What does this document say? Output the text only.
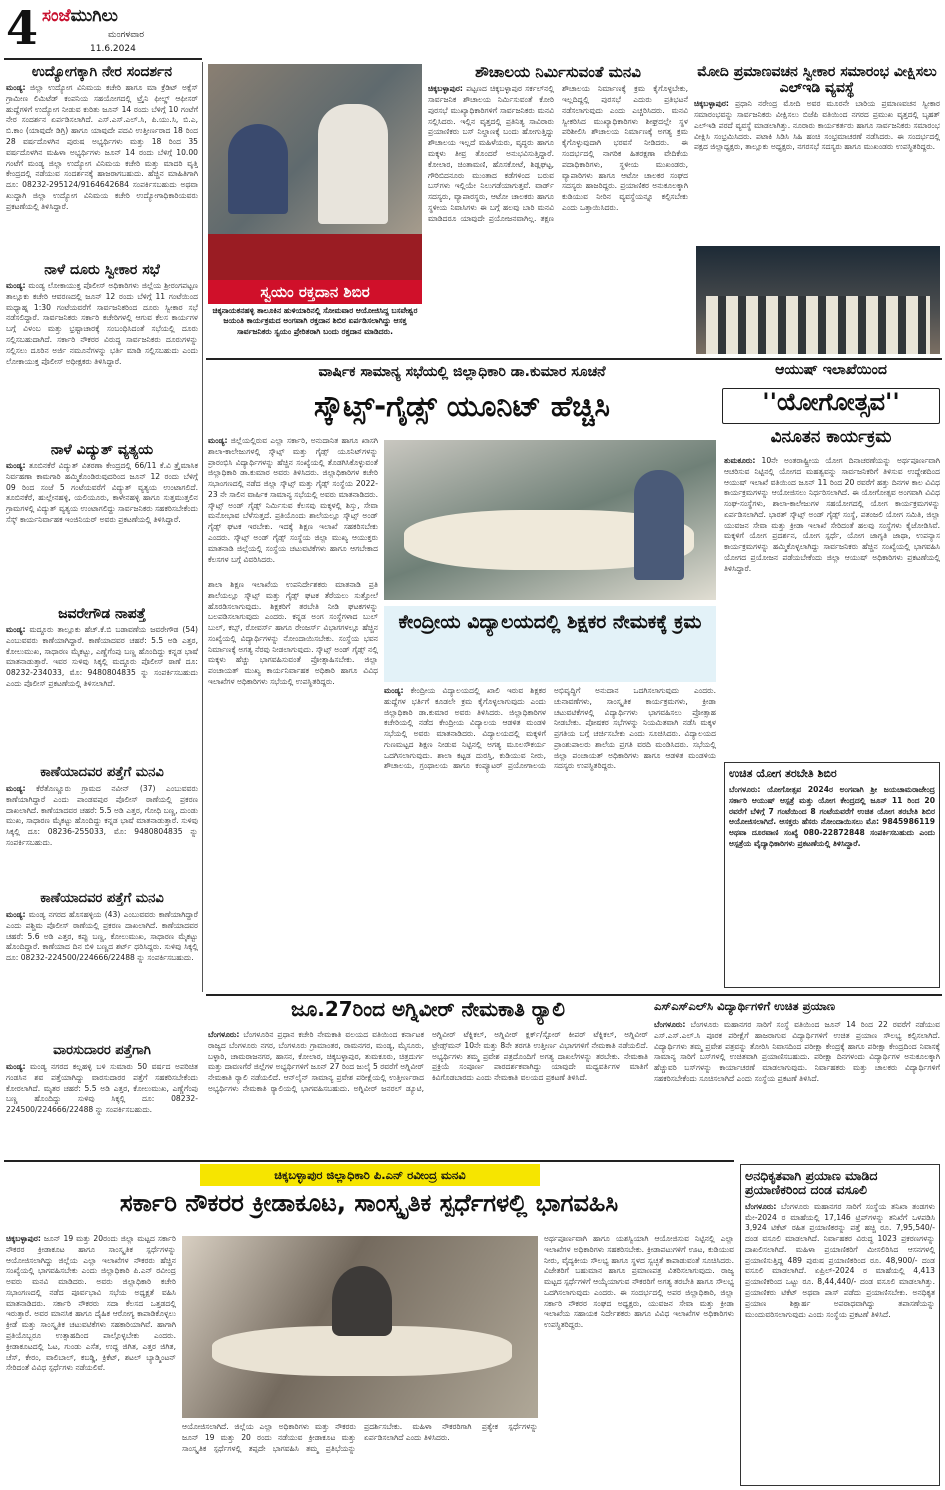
4 ಸಂಜೆಮುಗಿಲು
ಮಂಗಳವಾರ
11.6.2024
ಉದ್ಯೋಗಕ್ಕಾಗಿ ನೇರ ಸಂದರ್ಶನ
ಮಂಡ್ಯ: ಜಿಲ್ಲಾ ಉದ್ಯೋಗ ವಿನಿಮಯ ಕಚೇರಿ ಹಾಗೂ ಮಾ ಕ್ರೆಡಿಟ್ ಅಕ್ಸೆಸ್ ಗ್ರಾಮೀಣ ಲಿಮಿಟೆಡ್ ಕಂಪನಿಯ ಸಹಯೋಗದಲ್ಲಿ ಟ್ರೈನಿ ಫೀಲ್ಡ್ ಆಫೀಸರ್ ಹುದ್ದೆಗಳಿಗೆ ಉದ್ಯೋಗ ನೀಡುವ ಕುರಿತು ಜೂನ್ 14 ರಂದು ಬೆಳಿಗ್ಗೆ 10 ಗಂಟೆಗೆ ನೇರ ಸಂದರ್ಶನ ಏರ್ಪಡಿಸಲಾಗಿದೆ. ಎಸ್.ಎಸ್.ಎಲ್.ಸಿ, ಪಿ.ಯು.ಸಿ, ಬಿ.ಎ, ಬಿ.ಕಾಂ (ಯಾವುದೇ ಡಿಗ್ರಿ) ಹಾಗೂ ಯಾವುದೇ ಪದವಿ ಉತ್ತೀರ್ಣರಾದ 18 ರಿಂದ 28 ವರ್ಷದೊಳಗಿನ ಪುರುಷ ಅಭ್ಯರ್ಥಿಗಳು ಮತ್ತು 18 ರಿಂದ 35 ವರ್ಷದೊಳಗಿನ ಮಹಿಳಾ ಅಭ್ಯರ್ಥಿಗಳು ಜೂನ್ 14 ರಂದು ಬೆಳಿಗ್ಗೆ 10.00 ಗಂಟೆಗೆ ಮಂಡ್ಯ ಜಿಲ್ಲಾ ಉದ್ಯೋಗ ವಿನಿಮಯ ಕಚೇರಿ ಮತ್ತು ಮಾದರಿ ವೃತ್ತಿ ಕೇಂದ್ರದಲ್ಲಿ ನಡೆಯುವ ಸಂದರ್ಶನಕ್ಕೆ ಹಾಜರಾಗಬಹುದು. ಹೆಚ್ಚಿನ ಮಾಹಿತಿಗಾಗಿ ದೂ: 08232-295124/9164642684 ಸಂಪರ್ಕಿಸಬಹುದು ಅಥವಾ ಖುದ್ದಾಗಿ ಜಿಲ್ಲಾ ಉದ್ಯೋಗ ವಿನಿಮಯ ಕಚೇರಿ ಉದ್ಯೋಗಾಧಿಕಾರಿಯವರು ಪ್ರಕಟಣೆಯಲ್ಲಿ ತಿಳಿಸಿದ್ದಾರೆ.
ನಾಳೆ ದೂರು ಸ್ವೀಕಾರ ಸಭೆ
ಮಂಡ್ಯ: ಮಂಡ್ಯ ಲೋಕಾಯುಕ್ತ ಪೊಲೀಸ್ ಅಧಿಕಾರಿಗಳು ಜಿಲ್ಲೆಯ ಶ್ರೀರಂಗಪಟ್ಟಣ ತಾಲ್ಲೂಕು ಕಚೇರಿ ಆವರಣದಲ್ಲಿ ಜೂನ್ 12 ರಂದು ಬೆಳಿಗ್ಗೆ 11 ಗಂಟೆಯಿಂದ ಮಧ್ಯಾಹ್ನ 1:30 ಗಂಟೆಯವರೆಗೆ ಸಾರ್ವಜನಿಕರಿಂದ ದೂರು ಸ್ವೀಕಾರ ಸಭೆ ನಡೆಸಲಿದ್ದಾರೆ. ಸಾರ್ವಜನಿಕರು ಸರ್ಕಾರಿ ಕಚೇರಿಗಳಲ್ಲಿ ಆಗುವ ಕೆಲಸ ಕಾರ್ಯಗಳ ಬಗ್ಗೆ ವಿಳಂಬ ಮತ್ತು ಭ್ರಷ್ಟಾಚಾರಕ್ಕೆ ಸಂಬಂಧಿಸಿದಂತೆ ಸಭೆಯಲ್ಲಿ ದೂರು ಸಲ್ಲಿಸಬಹುದಾಗಿದೆ. ಸರ್ಕಾರಿ ನೌಕರರ ವಿರುದ್ಧ ಸಾರ್ವಜನಿಕರು ದೂರುಗಳನ್ನು ಸಲ್ಲಿಸಲು ದೂರಿನ ಅರ್ಜಿ ನಮೂನೆಗಳನ್ನು ಭರ್ತಿ ಮಾಡಿ ಸಲ್ಲಿಸಬಹುದು ಎಂದು ಲೋಕಾಯುಕ್ತ ಪೊಲೀಸ್ ಅಧೀಕ್ಷಕರು ತಿಳಿಸಿದ್ದಾರೆ.
ನಾಳೆ ವಿದ್ಯುತ್ ವ್ಯತ್ಯಯ
ಮಂಡ್ಯ: ತೂಬಿನಕೆರೆ ವಿದ್ಯುತ್ ವಿತರಣಾ ಕೇಂದ್ರದಲ್ಲಿ 66/11 ಕೆ.ವಿ ತ್ರೈಮಾಸಿಕ ನಿರ್ವಹಣಾ ಕಾಮಗಾರಿ ಹಮ್ಮಿಕೊಂಡಿರುವುದರಿಂದ ಜೂನ್ 12 ರಂದು ಬೆಳಿಗ್ಗೆ 09 ರಿಂದ ಸಂಜೆ 5 ಗಂಟೆಯವರೆಗೆ ವಿದ್ಯುತ್ ವ್ಯತ್ಯಯ ಉಂಟಾಗಲಿದೆ. ತೂಬಿನಕೆರೆ, ಹುಲ್ಲೇನಹಳ್ಳಿ, ಯಲಿಯೂರು, ಕಾಳೇನಹಳ್ಳಿ ಹಾಗೂ ಸುತ್ತಮುತ್ತಲಿನ ಗ್ರಾಮಗಳಲ್ಲಿ ವಿದ್ಯುತ್ ವ್ಯತ್ಯಯ ಉಂಟಾಗಲಿದ್ದು ಸಾರ್ವಜನಿಕರು ಸಹಕರಿಸಬೇಕೆಂದು ಸೆಸ್ಕ್ ಕಾರ್ಯನಿರ್ವಾಹಕ ಇಂಜಿನಿಯರ್ ಅವರು ಪ್ರಕಟಣೆಯಲ್ಲಿ ತಿಳಿಸಿದ್ದಾರೆ.
ಜವರೇಗೌಡ ನಾಪತ್ತೆ
ಮಂಡ್ಯ: ಮದ್ದೂರು ತಾಲ್ಲೂಕು ಹೆಚ್.ಕೆ.ಬಿ ಬಡಾವಣೆಯ ಜವರೇಗೌಡ (54) ಎಂಬುವವರು ಕಾಣೆಯಾಗಿದ್ದಾರೆ. ಕಾಣೆಯಾದವರ ಚಹರೆ: 5.5 ಅಡಿ ಎತ್ತರ, ಕೋಲುಮುಖ, ಸಾಧಾರಣ ಮೈಕಟ್ಟು, ಎಣ್ಣೆಗೆಂಪು ಬಣ್ಣ ಹೊಂದಿದ್ದು ಕನ್ನಡ ಭಾಷೆ ಮಾತನಾಡುತ್ತಾರೆ. ಇವರ ಸುಳಿವು ಸಿಕ್ಕಲ್ಲಿ ಮದ್ದೂರು ಪೊಲೀಸ್ ಠಾಣೆ ದೂ: 08232-234033, ಮೊ: 9480804835 ನ್ನು ಸಂಪರ್ಕಿಸಬಹುದು ಎಂದು ಪೊಲೀಸ್ ಪ್ರಕಟಣೆಯಲ್ಲಿ ತಿಳಿಸಲಾಗಿದೆ.
ಕಾಣೆಯಾದವರ ಪತ್ತೆಗೆ ಮನವಿ
ಮಂಡ್ಯ: ಕೆರೆತೊಣ್ಣೂರು ಗ್ರಾಮದ ನವೀನ್ (37) ಎಂಬುವವರು ಕಾಣೆಯಾಗಿದ್ದಾರೆ ಎಂದು ಪಾಂಡವಪುರ ಪೊಲೀಸ್ ಠಾಣೆಯಲ್ಲಿ ಪ್ರಕರಣ ದಾಖಲಾಗಿದೆ. ಕಾಣೆಯಾದವರ ಚಹರೆ: 5.5 ಅಡಿ ಎತ್ತರ, ಗೋಧಿ ಬಣ್ಣ, ದುಂಡು ಮುಖ, ಸಾಧಾರಣ ಮೈಕಟ್ಟು ಹೊಂದಿದ್ದು ಕನ್ನಡ ಭಾಷೆ ಮಾತನಾಡುತ್ತಾರೆ. ಸುಳಿವು ಸಿಕ್ಕಲ್ಲಿ ದೂ: 08236-255033, ಮೊ: 9480804835 ನ್ನು ಸಂಪರ್ಕಿಸಬಹುದು.
ಕಾಣೆಯಾದವರ ಪತ್ತೆಗೆ ಮನವಿ
ಮಂಡ್ಯ: ಮಂಡ್ಯ ನಗರದ ಹೊಸಹಳ್ಳಿಯ (43) ಎಂಬುವವರು ಕಾಣೆಯಾಗಿದ್ದಾರೆ ಎಂದು ಪಶ್ಚಿಮ ಪೊಲೀಸ್ ಠಾಣೆಯಲ್ಲಿ ಪ್ರಕರಣ ದಾಖಲಾಗಿದೆ. ಕಾಣೆಯಾದವರ ಚಹರೆ: 5.6 ಅಡಿ ಎತ್ತರ, ಕಪ್ಪು ಬಣ್ಣ, ಕೋಲುಮುಖ, ಸಾಧಾರಣ ಮೈಕಟ್ಟು ಹೊಂದಿದ್ದಾರೆ. ಕಾಣೆಯಾದ ದಿನ ಬಿಳಿ ಬಣ್ಣದ ಶರ್ಟ್ ಧರಿಸಿದ್ದರು. ಸುಳಿವು ಸಿಕ್ಕಲ್ಲಿ ದೂ: 08232-224500/224666/22488 ನ್ನು ಸಂಪರ್ಕಿಸಬಹುದು.
ವಾರಸುದಾರರ ಪತ್ತೆಗಾಗಿ
ಮಂಡ್ಯ: ಮಂಡ್ಯ ನಗರದ ಕಲ್ಲಹಳ್ಳಿ ಬಳಿ ಸುಮಾರು 50 ವರ್ಷದ ಅಪರಿಚಿತ ಗಂಡಸಿನ ಶವ ಪತ್ತೆಯಾಗಿದ್ದು ವಾರಸುದಾರರ ಪತ್ತೆಗೆ ಸಹಕರಿಸಬೇಕೆಂದು ಕೋರಲಾಗಿದೆ. ಮೃತರ ಚಹರೆ: 5.5 ಅಡಿ ಎತ್ತರ, ಕೋಲುಮುಖ, ಎಣ್ಣೆಗೆಂಪು ಬಣ್ಣ ಹೊಂದಿದ್ದು ಸುಳಿವು ಸಿಕ್ಕಲ್ಲಿ ದೂ: 08232-224500/224666/22488 ನ್ನು ಸಂಪರ್ಕಿಸಬಹುದು.
ಸ್ವಯಂ ರಕ್ತದಾನ ಶಿಬಿರ
ಚಿಕ್ಕನಾಯಕನಹಳ್ಳಿ ತಾಲೂಕಿನ ಹುಳಿಯಾರಿನಲ್ಲಿ ಸೋಮವಾರ ಆಯೋಜಿಸಿದ್ದ ಬಸವೇಶ್ವರ ಜಯಂತಿ ಕಾರ್ಯಕ್ರಮದ ಅಂಗವಾಗಿ ರಕ್ತದಾನ ಶಿಬಿರ ಏರ್ಪಡಿಸಲಾಗಿದ್ದು ಆಸಕ್ತ ಸಾರ್ವಜನಿಕರು ಸ್ವಯಂ ಪ್ರೇರಿತರಾಗಿ ಬಂದು ರಕ್ತದಾನ ಮಾಡಿದರು.
ಶೌಚಾಲಯ ನಿರ್ಮಿಸುವಂತೆ ಮನವಿ
ಚಿಕ್ಕಬಳ್ಳಾಪುರ: ಪಟ್ಟಣದ ಚಿಕ್ಕಬಳ್ಳಾಪುರ ಸರ್ಕಲ್‌ನಲ್ಲಿ ಸಾರ್ವಜನಿಕ ಶೌಚಾಲಯ ನಿರ್ಮಿಸುವಂತೆ ಕೋರಿ ಪುರಸಭೆ ಮುಖ್ಯಾಧಿಕಾರಿಗಳಿಗೆ ಸಾರ್ವಜನಿಕರು ಮನವಿ ಸಲ್ಲಿಸಿದರು. ಇಲ್ಲಿನ ವೃತ್ತದಲ್ಲಿ ಪ್ರತಿನಿತ್ಯ ಸಾವಿರಾರು ಪ್ರಯಾಣಿಕರು ಬಸ್ ನಿಲ್ದಾಣಕ್ಕೆ ಬಂದು ಹೋಗುತ್ತಿದ್ದು ಶೌಚಾಲಯ ಇಲ್ಲದೆ ಮಹಿಳೆಯರು, ವೃದ್ಧರು ಹಾಗೂ ಮಕ್ಕಳು ತೀವ್ರ ತೊಂದರೆ ಅನುಭವಿಸುತ್ತಿದ್ದಾರೆ. ಕೋಲಾರ, ಚಿಂತಾಮಣಿ, ಹೊಸಕೋಟೆ, ಶಿಡ್ಲಘಟ್ಟ, ಗೌರಿಬಿದನೂರು ಮುಂತಾದ ಕಡೆಗಳಿಂದ ಬರುವ ಬಸ್‌ಗಳು ಇಲ್ಲಿಯೇ ನಿಲುಗಡೆಯಾಗುತ್ತವೆ. ವಾರ್ಡ್ ಸದಸ್ಯರು, ವ್ಯಾಪಾರಸ್ಥರು, ಆಟೋ ಚಾಲಕರು ಹಾಗೂ ಸ್ಥಳೀಯ ನಿವಾಸಿಗಳು ಈ ಬಗ್ಗೆ ಹಲವು ಬಾರಿ ಮನವಿ ಮಾಡಿದರೂ ಯಾವುದೇ ಪ್ರಯೋಜನವಾಗಿಲ್ಲ. ತಕ್ಷಣ ಶೌಚಾಲಯ ನಿರ್ಮಾಣಕ್ಕೆ ಕ್ರಮ ಕೈಗೊಳ್ಳಬೇಕು, ಇಲ್ಲದಿದ್ದಲ್ಲಿ ಪುರಸಭೆ ಎದುರು ಪ್ರತಿಭಟನೆ ನಡೆಸಲಾಗುವುದು ಎಂದು ಎಚ್ಚರಿಸಿದರು. ಮನವಿ ಸ್ವೀಕರಿಸಿದ ಮುಖ್ಯಾಧಿಕಾರಿಗಳು ಶೀಘ್ರದಲ್ಲೇ ಸ್ಥಳ ಪರಿಶೀಲಿಸಿ ಶೌಚಾಲಯ ನಿರ್ಮಾಣಕ್ಕೆ ಅಗತ್ಯ ಕ್ರಮ ಕೈಗೊಳ್ಳುವುದಾಗಿ ಭರವಸೆ ನೀಡಿದರು. ಈ ಸಂದರ್ಭದಲ್ಲಿ ನಾಗರಿಕ ಹಿತರಕ್ಷಣಾ ವೇದಿಕೆಯ ಪದಾಧಿಕಾರಿಗಳು, ಸ್ಥಳೀಯ ಮುಖಂಡರು, ವ್ಯಾಪಾರಿಗಳು ಹಾಗೂ ಆಟೋ ಚಾಲಕರ ಸಂಘದ ಸದಸ್ಯರು ಹಾಜರಿದ್ದರು. ಪ್ರಯಾಣಿಕರ ಅನುಕೂಲಕ್ಕಾಗಿ ಕುಡಿಯುವ ನೀರಿನ ವ್ಯವಸ್ಥೆಯನ್ನೂ ಕಲ್ಪಿಸಬೇಕು ಎಂದು ಒತ್ತಾಯಿಸಿದರು.
ಮೋದಿ ಪ್ರಮಾಣವಚನ ಸ್ವೀಕಾರ ಸಮಾರಂಭ ವೀಕ್ಷಿಸಲು ಎಲ್‌ಇಡಿ ವ್ಯವಸ್ಥೆ
ಚಿಕ್ಕಬಳ್ಳಾಪುರ: ಪ್ರಧಾನಿ ನರೇಂದ್ರ ಮೋದಿ ಅವರ ಮೂರನೇ ಬಾರಿಯ ಪ್ರಮಾಣವಚನ ಸ್ವೀಕಾರ ಸಮಾರಂಭವನ್ನು ಸಾರ್ವಜನಿಕರು ವೀಕ್ಷಿಸಲು ಬಿಜೆಪಿ ವತಿಯಿಂದ ನಗರದ ಪ್ರಮುಖ ವೃತ್ತದಲ್ಲಿ ಬೃಹತ್ ಎಲ್‌ಇಡಿ ಪರದೆ ವ್ಯವಸ್ಥೆ ಮಾಡಲಾಗಿತ್ತು. ನೂರಾರು ಕಾರ್ಯಕರ್ತರು ಹಾಗೂ ಸಾರ್ವಜನಿಕರು ಸಮಾರಂಭ ವೀಕ್ಷಿಸಿ ಸಂಭ್ರಮಿಸಿದರು. ಪಟಾಕಿ ಸಿಡಿಸಿ ಸಿಹಿ ಹಂಚಿ ಸಂಭ್ರಮಾಚರಣೆ ನಡೆಸಿದರು. ಈ ಸಂದರ್ಭದಲ್ಲಿ ಪಕ್ಷದ ಜಿಲ್ಲಾಧ್ಯಕ್ಷರು, ತಾಲ್ಲೂಕು ಅಧ್ಯಕ್ಷರು, ನಗರಸಭೆ ಸದಸ್ಯರು ಹಾಗೂ ಮುಖಂಡರು ಉಪಸ್ಥಿತರಿದ್ದರು.
ವಾರ್ಷಿಕ ಸಾಮಾನ್ಯ ಸಭೆಯಲ್ಲಿ ಜಿಲ್ಲಾಧಿಕಾರಿ ಡಾ.ಕುಮಾರ ಸೂಚನೆ
ಸ್ಕೌಟ್ಸ್-ಗೈಡ್ಸ್ ಯೂನಿಟ್ ಹೆಚ್ಚಿಸಿ
ಮಂಡ್ಯ: ಜಿಲ್ಲೆಯಲ್ಲಿರುವ ಎಲ್ಲಾ ಸರ್ಕಾರಿ, ಅನುದಾನಿತ ಹಾಗೂ ಖಾಸಗಿ ಶಾಲಾ-ಕಾಲೇಜುಗಳಲ್ಲಿ ಸ್ಕೌಟ್ಸ್ ಮತ್ತು ಗೈಡ್ಸ್ ಯೂನಿಟ್‌ಗಳನ್ನು ಪ್ರಾರಂಭಿಸಿ ವಿದ್ಯಾರ್ಥಿಗಳನ್ನು ಹೆಚ್ಚಿನ ಸಂಖ್ಯೆಯಲ್ಲಿ ತೊಡಗಿಸಿಕೊಳ್ಳುವಂತೆ ಜಿಲ್ಲಾಧಿಕಾರಿ ಡಾ.ಕುಮಾರ ಅವರು ತಿಳಿಸಿದರು. ಜಿಲ್ಲಾಧಿಕಾರಿಗಳ ಕಚೇರಿ ಸಭಾಂಗಣದಲ್ಲಿ ನಡೆದ ಜಿಲ್ಲಾ ಸ್ಕೌಟ್ಸ್ ಮತ್ತು ಗೈಡ್ಸ್ ಸಂಸ್ಥೆಯ 2022-23 ನೇ ಸಾಲಿನ ವಾರ್ಷಿಕ ಸಾಮಾನ್ಯ ಸಭೆಯಲ್ಲಿ ಅವರು ಮಾತನಾಡಿದರು. ಸ್ಕೌಟ್ಸ್ ಅಂಡ್ ಗೈಡ್ಸ್ ನಿರ್ಮಿಸುವ ಕೆಲಸವು ಮಕ್ಕಳಲ್ಲಿ ಶಿಸ್ತು, ಸೇವಾ ಮನೋಭಾವ ಬೆಳೆಸುತ್ತದೆ. ಪ್ರತಿಯೊಂದು ಶಾಲೆಯಲ್ಲೂ ಸ್ಕೌಟ್ಸ್ ಅಂಡ್ ಗೈಡ್ಸ್ ಘಟಕ ಇರಬೇಕು. ಇದಕ್ಕೆ ಶಿಕ್ಷಣ ಇಲಾಖೆ ಸಹಕರಿಸಬೇಕು ಎಂದರು. ಸ್ಕೌಟ್ಸ್ ಅಂಡ್ ಗೈಡ್ಸ್ ಸಂಸ್ಥೆಯ ಜಿಲ್ಲಾ ಮುಖ್ಯ ಆಯುಕ್ತರು ಮಾತನಾಡಿ ಜಿಲ್ಲೆಯಲ್ಲಿ ಸಂಸ್ಥೆಯ ಚಟುವಟಿಕೆಗಳು ಹಾಗೂ ಆಗಬೇಕಾದ ಕೆಲಸಗಳ ಬಗ್ಗೆ ವಿವರಿಸಿದರು.
ಶಾಲಾ ಶಿಕ್ಷಣ ಇಲಾಖೆಯ ಉಪನಿರ್ದೇಶಕರು ಮಾತನಾಡಿ ಪ್ರತಿ ಶಾಲೆಯಲ್ಲೂ ಸ್ಕೌಟ್ಸ್ ಮತ್ತು ಗೈಡ್ಸ್ ಘಟಕ ತೆರೆಯಲು ಸುತ್ತೋಲೆ ಹೊರಡಿಸಲಾಗುವುದು. ಶಿಕ್ಷಕರಿಗೆ ತರಬೇತಿ ನೀಡಿ ಘಟಕಗಳನ್ನು ಬಲಪಡಿಸಲಾಗುವುದು ಎಂದರು. ಕನ್ನಡ ಅಂಗ ಸಂಸ್ಥೆಗಳಾದ ಬುಲ್ ಬುಲ್, ಕಬ್ಸ್, ರೋವರ್ಸ್ ಹಾಗೂ ರೇಂಜರ್ಸ್ ವಿಭಾಗಗಳಲ್ಲೂ ಹೆಚ್ಚಿನ ಸಂಖ್ಯೆಯಲ್ಲಿ ವಿದ್ಯಾರ್ಥಿಗಳನ್ನು ನೋಂದಾಯಿಸಬೇಕು. ಸಂಸ್ಥೆಯ ಭವನ ನಿರ್ಮಾಣಕ್ಕೆ ಅಗತ್ಯ ನೆರವು ನೀಡಲಾಗುವುದು. ಸ್ಕೌಟ್ಸ್ ಅಂಡ್ ಗೈಡ್ಸ್ ನಲ್ಲಿ ಮಕ್ಕಳು ಹೆಚ್ಚು ಭಾಗವಹಿಸುವಂತೆ ಪ್ರೋತ್ಸಾಹಿಸಬೇಕು. ಜಿಲ್ಲಾ ಪಂಚಾಯತ್ ಮುಖ್ಯ ಕಾರ್ಯನಿರ್ವಾಹಕ ಅಧಿಕಾರಿ ಹಾಗೂ ವಿವಿಧ ಇಲಾಖೆಗಳ ಅಧಿಕಾರಿಗಳು ಸಭೆಯಲ್ಲಿ ಉಪಸ್ಥಿತರಿದ್ದರು.
ಕೇಂದ್ರೀಯ ವಿದ್ಯಾಲಯದಲ್ಲಿ ಶಿಕ್ಷಕರ ನೇಮಕಕ್ಕೆ ಕ್ರಮ
ಮಂಡ್ಯ: ಕೇಂದ್ರೀಯ ವಿದ್ಯಾಲಯದಲ್ಲಿ ಖಾಲಿ ಇರುವ ಶಿಕ್ಷಕರ ಹುದ್ದೆಗಳ ಭರ್ತಿಗೆ ಕೂಡಲೇ ಕ್ರಮ ಕೈಗೊಳ್ಳಲಾಗುವುದು ಎಂದು ಜಿಲ್ಲಾಧಿಕಾರಿ ಡಾ.ಕುಮಾರ ಅವರು ತಿಳಿಸಿದರು. ಜಿಲ್ಲಾಧಿಕಾರಿಗಳ ಕಚೇರಿಯಲ್ಲಿ ನಡೆದ ಕೇಂದ್ರೀಯ ವಿದ್ಯಾಲಯ ಆಡಳಿತ ಮಂಡಳಿ ಸಭೆಯಲ್ಲಿ ಅವರು ಮಾತನಾಡಿದರು. ವಿದ್ಯಾಲಯದಲ್ಲಿ ಮಕ್ಕಳಿಗೆ ಗುಣಮಟ್ಟದ ಶಿಕ್ಷಣ ನೀಡುವ ನಿಟ್ಟಿನಲ್ಲಿ ಅಗತ್ಯ ಮೂಲಸೌಕರ್ಯ ಒದಗಿಸಲಾಗುವುದು. ಶಾಲಾ ಕಟ್ಟಡ ದುರಸ್ತಿ, ಕುಡಿಯುವ ನೀರು, ಶೌಚಾಲಯ, ಗ್ರಂಥಾಲಯ ಹಾಗೂ ಕಂಪ್ಯೂಟರ್ ಪ್ರಯೋಗಾಲಯ ಅಭಿವೃದ್ಧಿಗೆ ಅನುದಾನ ಒದಗಿಸಲಾಗುವುದು ಎಂದರು. ಚುನಾವಣೆಗಳು, ಸಾಂಸ್ಕೃತಿಕ ಕಾರ್ಯಕ್ರಮಗಳು, ಕ್ರೀಡಾ ಚಟುವಟಿಕೆಗಳಲ್ಲಿ ವಿದ್ಯಾರ್ಥಿಗಳು ಭಾಗವಹಿಸಲು ಪ್ರೋತ್ಸಾಹ ನೀಡಬೇಕು. ಪೋಷಕರ ಸಭೆಗಳನ್ನು ನಿಯಮಿತವಾಗಿ ನಡೆಸಿ ಮಕ್ಕಳ ಪ್ರಗತಿಯ ಬಗ್ಗೆ ಚರ್ಚಿಸಬೇಕು ಎಂದು ಸೂಚಿಸಿದರು. ವಿದ್ಯಾಲಯದ ಪ್ರಾಂಶುಪಾಲರು ಶಾಲೆಯ ಪ್ರಗತಿ ವರದಿ ಮಂಡಿಸಿದರು. ಸಭೆಯಲ್ಲಿ ಜಿಲ್ಲಾ ಪಂಚಾಯತ್ ಅಧಿಕಾರಿಗಳು ಹಾಗೂ ಆಡಳಿತ ಮಂಡಳಿಯ ಸದಸ್ಯರು ಉಪಸ್ಥಿತರಿದ್ದರು.
ಆಯುಷ್ ಇಲಾಖೆಯಿಂದ
''ಯೋಗೋತ್ಸವ''
ವಿನೂತನ ಕಾರ್ಯಕ್ರಮ
ತುಮಕೂರು: 10ನೇ ಅಂತರಾಷ್ಟ್ರೀಯ ಯೋಗ ದಿನಾಚರಣೆಯನ್ನು ಅರ್ಥಪೂರ್ಣವಾಗಿ ಆಚರಿಸುವ ನಿಟ್ಟಿನಲ್ಲಿ ಯೋಗದ ಮಹತ್ವವನ್ನು ಸಾರ್ವಜನಿಕರಿಗೆ ತಿಳಿಸುವ ಉದ್ದೇಶದಿಂದ ಆಯುಷ್ ಇಲಾಖೆ ವತಿಯಿಂದ ಜೂನ್ 11 ರಿಂದ 20 ರವರೆಗೆ ಹತ್ತು ದಿನಗಳ ಕಾಲ ವಿವಿಧ ಕಾರ್ಯಕ್ರಮಗಳನ್ನು ಆಯೋಜಿಸಲು ನಿರ್ಧರಿಸಲಾಗಿದೆ. ಈ ಯೋಗೋತ್ಸವ ಅಂಗವಾಗಿ ವಿವಿಧ ಸಂಘ-ಸಂಸ್ಥೆಗಳು, ಶಾಲಾ-ಕಾಲೇಜುಗಳ ಸಹಯೋಗದಲ್ಲಿ ಯೋಗ ಕಾರ್ಯಕ್ರಮಗಳನ್ನು ಏರ್ಪಡಿಸಲಾಗಿದೆ. ಭಾರತ್ ಸ್ಕೌಟ್ಸ್ ಅಂಡ್ ಗೈಡ್ಸ್ ಸಂಸ್ಥೆ, ಪತಂಜಲಿ ಯೋಗ ಸಮಿತಿ, ಜಿಲ್ಲಾ ಯುವಜನ ಸೇವಾ ಮತ್ತು ಕ್ರೀಡಾ ಇಲಾಖೆ ಸೇರಿದಂತೆ ಹಲವು ಸಂಸ್ಥೆಗಳು ಕೈಜೋಡಿಸಿವೆ. ಮಕ್ಕಳಿಗೆ ಯೋಗ ಪ್ರದರ್ಶನ, ಯೋಗ ಸ್ಪರ್ಧೆ, ಯೋಗ ಜಾಗೃತಿ ಜಾಥಾ, ಉಪನ್ಯಾಸ ಕಾರ್ಯಕ್ರಮಗಳನ್ನು ಹಮ್ಮಿಕೊಳ್ಳಲಾಗಿದ್ದು ಸಾರ್ವಜನಿಕರು ಹೆಚ್ಚಿನ ಸಂಖ್ಯೆಯಲ್ಲಿ ಭಾಗವಹಿಸಿ ಯೋಗದ ಪ್ರಯೋಜನ ಪಡೆಯಬೇಕೆಂದು ಜಿಲ್ಲಾ ಆಯುಷ್ ಅಧಿಕಾರಿಗಳು ಪ್ರಕಟಣೆಯಲ್ಲಿ ತಿಳಿಸಿದ್ದಾರೆ.
ಉಚಿತ ಯೋಗ ತರಬೇತಿ ಶಿಬಿರ
ಬೆಂಗಳೂರು: ಯೋಗೋತ್ಸವ 2024ರ ಅಂಗವಾಗಿ ಶ್ರೀ ಜಯಚಾಮರಾಜೇಂದ್ರ ಸರ್ಕಾರಿ ಆಯುಷ್ ಆಸ್ಪತ್ರೆ ಮತ್ತು ಯೋಗ ಕೇಂದ್ರದಲ್ಲಿ ಜೂನ್ 11 ರಿಂದ 20 ರವರೆಗೆ ಬೆಳಿಗ್ಗೆ 7 ಗಂಟೆಯಿಂದ 8 ಗಂಟೆಯವರೆಗೆ ಉಚಿತ ಯೋಗ ತರಬೇತಿ ಶಿಬಿರ ಆಯೋಜಿಸಲಾಗಿದೆ. ಆಸಕ್ತರು ಹೆಸರು ನೋಂದಾಯಿಸಲು ಮೊ: 9845986119 ಅಥವಾ ದೂರವಾಣಿ ಸಂಖ್ಯೆ 080-22872848 ಸಂಪರ್ಕಿಸಬಹುದು ಎಂದು ಆಸ್ಪತ್ರೆಯ ವೈದ್ಯಾಧಿಕಾರಿಗಳು ಪ್ರಕಟಣೆಯಲ್ಲಿ ತಿಳಿಸಿದ್ದಾರೆ.
ಜೂ.27ರಿಂದ ಅಗ್ನಿವೀರ್ ನೇಮಕಾತಿ ರ್‍ಯಾಲಿ
ಬೆಂಗಳೂರು: ಬೆಂಗಳೂರಿನ ಪ್ರಧಾನ ಕಚೇರಿ ನೇಮಕಾತಿ ವಲಯದ ವತಿಯಿಂದ ಕರ್ನಾಟಕ ರಾಜ್ಯದ ಬೆಂಗಳೂರು ನಗರ, ಬೆಂಗಳೂರು ಗ್ರಾಮಾಂತರ, ರಾಮನಗರ, ಮಂಡ್ಯ, ಮೈಸೂರು, ಬಳ್ಳಾರಿ, ಚಾಮರಾಜನಗರ, ಹಾಸನ, ಕೋಲಾರ, ಚಿಕ್ಕಬಳ್ಳಾಪುರ, ತುಮಕೂರು, ಚಿತ್ರದುರ್ಗ ಮತ್ತು ದಾವಣಗೆರೆ ಜಿಲ್ಲೆಗಳ ಅಭ್ಯರ್ಥಿಗಳಿಗೆ ಜೂನ್ 27 ರಿಂದ ಜುಲೈ 5 ರವರೆಗೆ ಅಗ್ನಿವೀರ್ ನೇಮಕಾತಿ ರ್‍ಯಾಲಿ ನಡೆಯಲಿದೆ. ಆನ್‌ಲೈನ್ ಸಾಮಾನ್ಯ ಪ್ರವೇಶ ಪರೀಕ್ಷೆಯಲ್ಲಿ ಉತ್ತೀರ್ಣರಾದ ಅಭ್ಯರ್ಥಿಗಳು ನೇಮಕಾತಿ ರ್‍ಯಾಲಿಯಲ್ಲಿ ಭಾಗವಹಿಸಬಹುದು. ಅಗ್ನಿವೀರ್ ಜನರಲ್ ಡ್ಯೂಟಿ, ಅಗ್ನಿವೀರ್ ಟೆಕ್ನಿಕಲ್, ಅಗ್ನಿವೀರ್ ಕ್ಲರ್ಕ್/ಸ್ಟೋರ್ ಕೀಪರ್ ಟೆಕ್ನಿಕಲ್, ಅಗ್ನಿವೀರ್ ಟ್ರೇಡ್ಸ್‌ಮನ್ 10ನೇ ಮತ್ತು 8ನೇ ತರಗತಿ ಉತ್ತೀರ್ಣ ವಿಭಾಗಗಳಿಗೆ ನೇಮಕಾತಿ ನಡೆಯಲಿದೆ. ಅಭ್ಯರ್ಥಿಗಳು ತಮ್ಮ ಪ್ರವೇಶ ಪತ್ರದೊಂದಿಗೆ ಅಗತ್ಯ ದಾಖಲೆಗಳನ್ನು ತರಬೇಕು. ನೇಮಕಾತಿ ಪ್ರಕ್ರಿಯೆ ಸಂಪೂರ್ಣ ಪಾರದರ್ಶಕವಾಗಿದ್ದು ಯಾವುದೇ ಮಧ್ಯವರ್ತಿಗಳ ಮಾತಿಗೆ ಕಿವಿಗೊಡಬಾರದು ಎಂದು ನೇಮಕಾತಿ ವಲಯದ ಪ್ರಕಟಣೆ ತಿಳಿಸಿದೆ.
ಎಸ್‌ಎಸ್‌ಎಲ್‌ಸಿ ವಿದ್ಯಾರ್ಥಿಗಳಿಗೆ ಉಚಿತ ಪ್ರಯಾಣ
ಬೆಂಗಳೂರು: ಬೆಂಗಳೂರು ಮಹಾನಗರ ಸಾರಿಗೆ ಸಂಸ್ಥೆ ವತಿಯಿಂದ ಜೂನ್ 14 ರಿಂದ 22 ರವರೆಗೆ ನಡೆಯುವ ಎಸ್.ಎಸ್.ಎಲ್.ಸಿ ಪೂರಕ ಪರೀಕ್ಷೆಗೆ ಹಾಜರಾಗುವ ವಿದ್ಯಾರ್ಥಿಗಳಿಗೆ ಉಚಿತ ಪ್ರಯಾಣ ಸೌಲಭ್ಯ ಕಲ್ಪಿಸಲಾಗಿದೆ. ವಿದ್ಯಾರ್ಥಿಗಳು ತಮ್ಮ ಪ್ರವೇಶ ಪತ್ರವನ್ನು ತೋರಿಸಿ ನಿವಾಸದಿಂದ ಪರೀಕ್ಷಾ ಕೇಂದ್ರಕ್ಕೆ ಹಾಗೂ ಪರೀಕ್ಷಾ ಕೇಂದ್ರದಿಂದ ನಿವಾಸಕ್ಕೆ ಸಾಮಾನ್ಯ ಸಾರಿಗೆ ಬಸ್‌ಗಳಲ್ಲಿ ಉಚಿತವಾಗಿ ಪ್ರಯಾಣಿಸಬಹುದು. ಪರೀಕ್ಷಾ ದಿನಗಳಂದು ವಿದ್ಯಾರ್ಥಿಗಳ ಅನುಕೂಲಕ್ಕಾಗಿ ಹೆಚ್ಚುವರಿ ಬಸ್‌ಗಳನ್ನು ಕಾರ್ಯಾಚರಣೆ ಮಾಡಲಾಗುವುದು. ನಿರ್ವಾಹಕರು ಮತ್ತು ಚಾಲಕರು ವಿದ್ಯಾರ್ಥಿಗಳಿಗೆ ಸಹಕರಿಸಬೇಕೆಂದು ಸೂಚಿಸಲಾಗಿದೆ ಎಂದು ಸಂಸ್ಥೆಯ ಪ್ರಕಟಣೆ ತಿಳಿಸಿದೆ.
ಚಿಕ್ಕಬಳ್ಳಾಪುರ ಜಿಲ್ಲಾಧಿಕಾರಿ ಪಿ.ಎನ್ ರವೀಂದ್ರ ಮನವಿ
ಸರ್ಕಾರಿ ನೌಕರರ ಕ್ರೀಡಾಕೂಟ, ಸಾಂಸ್ಕೃತಿಕ ಸ್ಪರ್ಧೆಗಳಲ್ಲಿ ಭಾಗವಹಿಸಿ
ಚಿಕ್ಕಬಳ್ಳಾಪುರ: ಜೂನ್ 19 ಮತ್ತು 20ರಂದು ಜಿಲ್ಲಾ ಮಟ್ಟದ ಸರ್ಕಾರಿ ನೌಕರರ ಕ್ರೀಡಾಕೂಟ ಹಾಗೂ ಸಾಂಸ್ಕೃತಿಕ ಸ್ಪರ್ಧೆಗಳನ್ನು ಆಯೋಜಿಸಲಾಗಿದ್ದು ಜಿಲ್ಲೆಯ ಎಲ್ಲಾ ಇಲಾಖೆಗಳ ನೌಕರರು ಹೆಚ್ಚಿನ ಸಂಖ್ಯೆಯಲ್ಲಿ ಭಾಗವಹಿಸಬೇಕು ಎಂದು ಜಿಲ್ಲಾಧಿಕಾರಿ ಪಿ.ಎನ್ ರವೀಂದ್ರ ಅವರು ಮನವಿ ಮಾಡಿದರು. ಅವರು ಜಿಲ್ಲಾಧಿಕಾರಿ ಕಚೇರಿ ಸಭಾಂಗಣದಲ್ಲಿ ನಡೆದ ಪೂರ್ವಭಾವಿ ಸಭೆಯ ಅಧ್ಯಕ್ಷತೆ ವಹಿಸಿ ಮಾತನಾಡಿದರು. ಸರ್ಕಾರಿ ನೌಕರರು ಸದಾ ಕೆಲಸದ ಒತ್ತಡದಲ್ಲಿ ಇರುತ್ತಾರೆ. ಅವರ ಮಾನಸಿಕ ಹಾಗೂ ದೈಹಿಕ ಆರೋಗ್ಯ ಕಾಪಾಡಿಕೊಳ್ಳಲು ಕ್ರೀಡೆ ಮತ್ತು ಸಾಂಸ್ಕೃತಿಕ ಚಟುವಟಿಕೆಗಳು ಸಹಕಾರಿಯಾಗಿವೆ. ಹಾಗಾಗಿ ಪ್ರತಿಯೊಬ್ಬರೂ ಉತ್ಸಾಹದಿಂದ ಪಾಲ್ಗೊಳ್ಳಬೇಕು ಎಂದರು. ಕ್ರೀಡಾಕೂಟದಲ್ಲಿ ಓಟ, ಗುಂಡು ಎಸೆತ, ಉದ್ದ ಜಿಗಿತ, ಎತ್ತರ ಜಿಗಿತ, ಚೆಸ್, ಕೇರಂ, ವಾಲಿಬಾಲ್, ಕಬಡ್ಡಿ, ಕ್ರಿಕೆಟ್, ಶಟಲ್ ಬ್ಯಾಡ್ಮಿಂಟನ್ ಸೇರಿದಂತೆ ವಿವಿಧ ಸ್ಪರ್ಧೆಗಳು ನಡೆಯಲಿವೆ.
ಆಯೋಜಿಸಲಾಗಿದೆ. ಜಿಲ್ಲೆಯ ಎಲ್ಲಾ ಅಧಿಕಾರಿಗಳು ಮತ್ತು ನೌಕರರು ಜೂನ್ 19 ಮತ್ತು 20 ರಂದು ನಡೆಯುವ ಕ್ರೀಡಾಕೂಟ ಮತ್ತು ಸಾಂಸ್ಕೃತಿಕ ಸ್ಪರ್ಧೆಗಳಲ್ಲಿ ತಪ್ಪದೇ ಭಾಗವಹಿಸಿ ತಮ್ಮ ಪ್ರತಿಭೆಯನ್ನು ಪ್ರದರ್ಶಿಸಬೇಕು. ಮಹಿಳಾ ನೌಕರರಿಗಾಗಿ ಪ್ರತ್ಯೇಕ ಸ್ಪರ್ಧೆಗಳನ್ನು ಏರ್ಪಡಿಸಲಾಗಿದೆ ಎಂದು ತಿಳಿಸಿದರು.
ಅರ್ಥಪೂರ್ಣವಾಗಿ ಹಾಗೂ ಯಶಸ್ವಿಯಾಗಿ ಆಯೋಜಿಸುವ ನಿಟ್ಟಿನಲ್ಲಿ ಎಲ್ಲಾ ಇಲಾಖೆಗಳ ಅಧಿಕಾರಿಗಳು ಸಹಕರಿಸಬೇಕು. ಕ್ರೀಡಾಪಟುಗಳಿಗೆ ಊಟ, ಕುಡಿಯುವ ನೀರು, ವೈದ್ಯಕೀಯ ಸೌಲಭ್ಯ ಹಾಗೂ ಸ್ಥಳದ ಸ್ವಚ್ಛತೆ ಕಾಪಾಡುವಂತೆ ಸೂಚಿಸಿದರು. ವಿಜೇತರಿಗೆ ಬಹುಮಾನ ಹಾಗೂ ಪ್ರಮಾಣಪತ್ರ ವಿತರಿಸಲಾಗುವುದು. ರಾಜ್ಯ ಮಟ್ಟದ ಸ್ಪರ್ಧೆಗಳಿಗೆ ಆಯ್ಕೆಯಾಗುವ ನೌಕರರಿಗೆ ಅಗತ್ಯ ತರಬೇತಿ ಹಾಗೂ ಸೌಲಭ್ಯ ಒದಗಿಸಲಾಗುವುದು ಎಂದರು. ಈ ಸಂದರ್ಭದಲ್ಲಿ ಅಪರ ಜಿಲ್ಲಾಧಿಕಾರಿ, ಜಿಲ್ಲಾ ಸರ್ಕಾರಿ ನೌಕರರ ಸಂಘದ ಅಧ್ಯಕ್ಷರು, ಯುವಜನ ಸೇವಾ ಮತ್ತು ಕ್ರೀಡಾ ಇಲಾಖೆಯ ಸಹಾಯಕ ನಿರ್ದೇಶಕರು ಹಾಗೂ ವಿವಿಧ ಇಲಾಖೆಗಳ ಅಧಿಕಾರಿಗಳು ಉಪಸ್ಥಿತರಿದ್ದರು.
ಅನಧಿಕೃತವಾಗಿ ಪ್ರಯಾಣ ಮಾಡಿದ ಪ್ರಯಾಣಿಕರಿಂದ ದಂಡ ವಸೂಲಿ
ಬೆಂಗಳೂರು: ಬೆಂಗಳೂರು ಮಹಾನಗರ ಸಾರಿಗೆ ಸಂಸ್ಥೆಯ ತನಿಖಾ ತಂಡಗಳು ಮೇ-2024 ರ ಮಾಹೆಯಲ್ಲಿ 17,146 ಟ್ರಿಪ್‌ಗಳನ್ನು ತನಿಖೆಗೆ ಒಳಪಡಿಸಿ 3,924 ಟಿಕೆಟ್ ರಹಿತ ಪ್ರಯಾಣಿಕರನ್ನು ಪತ್ತೆ ಹಚ್ಚಿ ರೂ. 7,95,540/- ದಂಡ ವಸೂಲಿ ಮಾಡಲಾಗಿದೆ. ನಿರ್ವಾಹಕರ ವಿರುದ್ಧ 1023 ಪ್ರಕರಣಗಳನ್ನು ದಾಖಲಿಸಲಾಗಿದೆ. ಮಹಿಳಾ ಪ್ರಯಾಣಿಕರಿಗೆ ಮೀಸಲಿರಿಸಿದ ಆಸನಗಳಲ್ಲಿ ಪ್ರಯಾಣಿಸುತ್ತಿದ್ದ 489 ಪುರುಷ ಪ್ರಯಾಣಿಕರಿಂದ ರೂ. 48,900/- ದಂಡ ವಸೂಲಿ ಮಾಡಲಾಗಿದೆ. ಏಪ್ರಿಲ್-2024 ರ ಮಾಹೆಯಲ್ಲಿ 4,413 ಪ್ರಯಾಣಿಕರಿಂದ ಒಟ್ಟು ರೂ. 8,44,440/- ದಂಡ ವಸೂಲಿ ಮಾಡಲಾಗಿತ್ತು. ಪ್ರಯಾಣಿಕರು ಟಿಕೆಟ್ ಅಥವಾ ಪಾಸ್ ಪಡೆದು ಪ್ರಯಾಣಿಸಬೇಕು. ಅನಧಿಕೃತ ಪ್ರಯಾಣ ಶಿಕ್ಷಾರ್ಹ ಅಪರಾಧವಾಗಿದ್ದು ತಪಾಸಣೆಯನ್ನು ಮುಂದುವರಿಸಲಾಗುವುದು ಎಂದು ಸಂಸ್ಥೆಯ ಪ್ರಕಟಣೆ ತಿಳಿಸಿದೆ.
